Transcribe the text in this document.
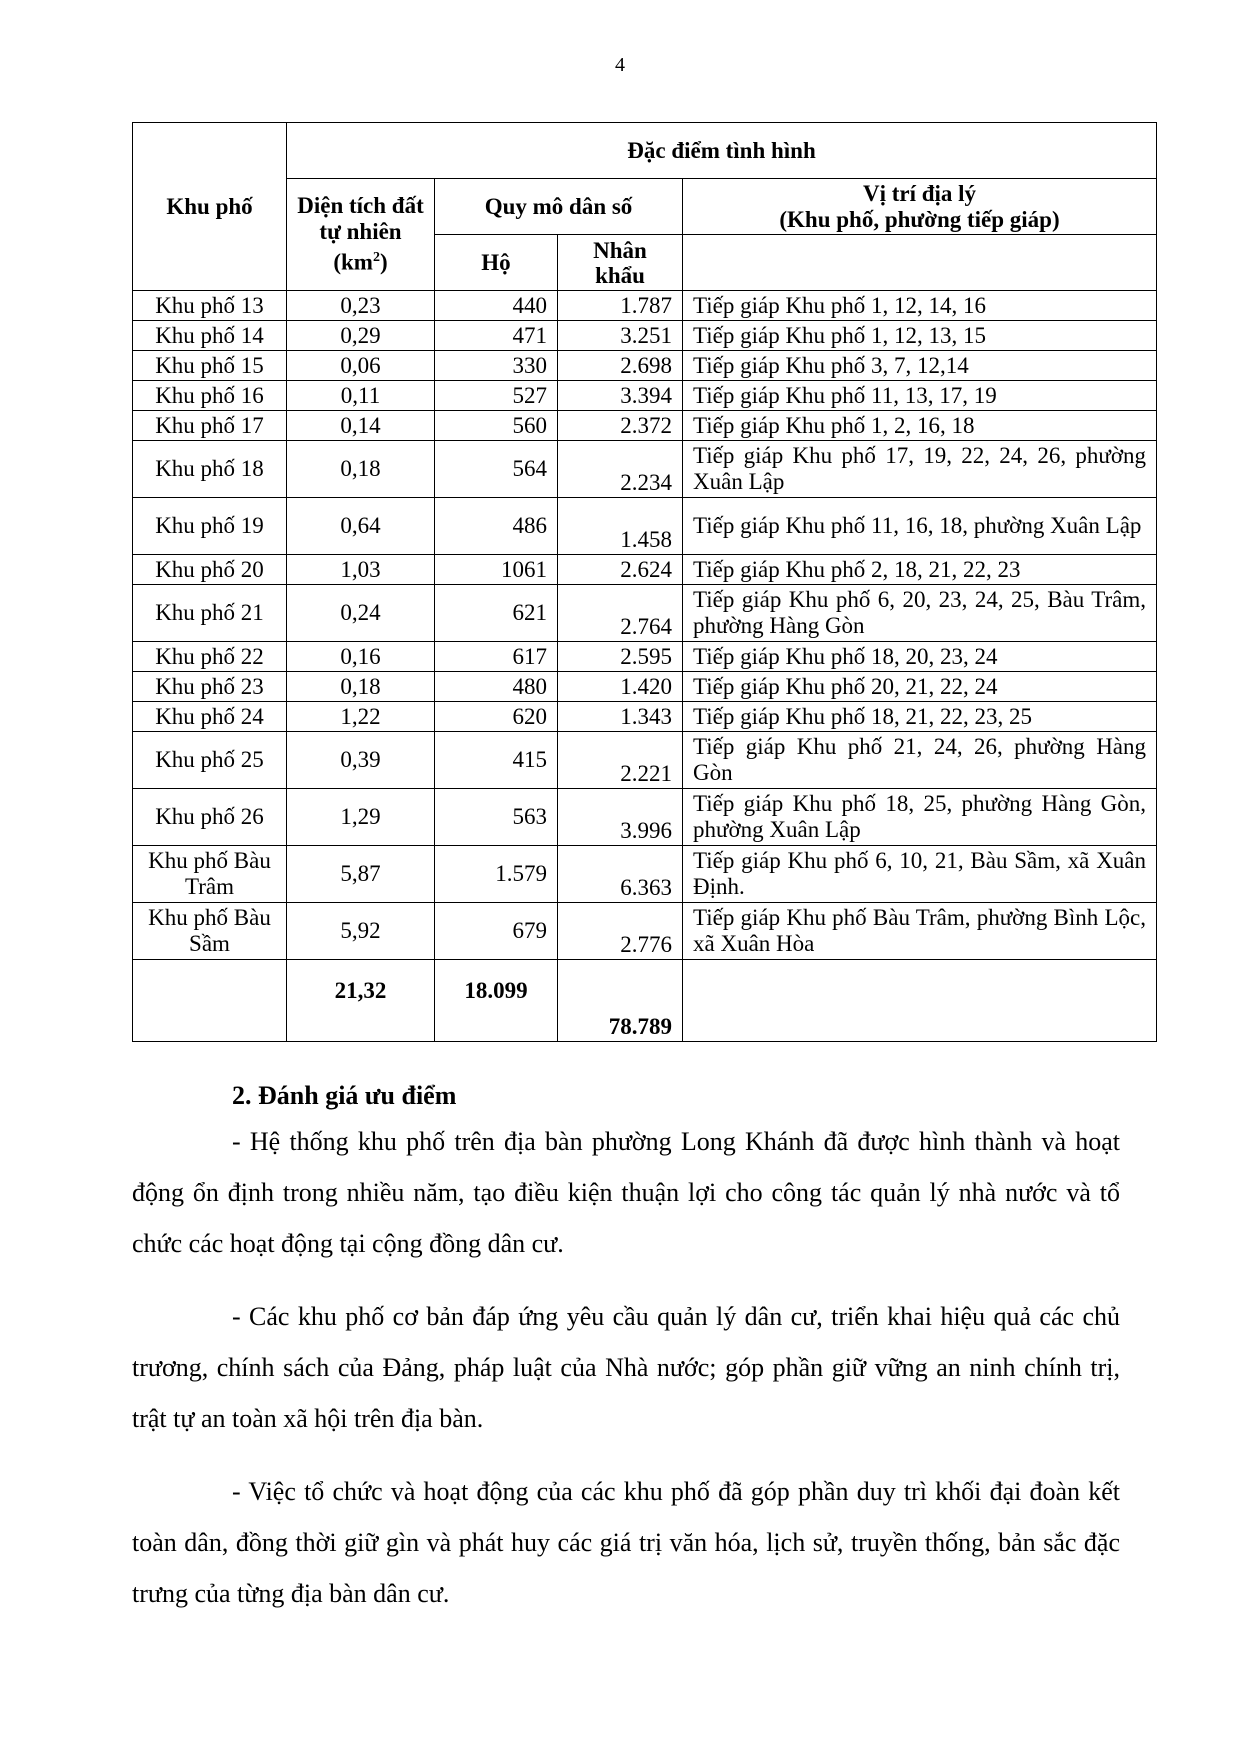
4
Khu phố	Đặc điểm tình hình			
	Diện tích đất tự nhiên $(km^2)$	Quy mô dân số		Vị trí địa lý
(Khu phố, phường tiếp giáp)

		Hộ	Nhân khẩu	
Khu phố 13	0,23	440	1.787	Tiếp giáp Khu phố 1, 12, 14, 16
Khu phố 14	0,29	471	3.251	Tiếp giáp Khu phố 1, 12, 13, 15
Khu phố 15	0,06	330	2.698	Tiếp giáp Khu phố 3, 7, 12,14
Khu phố 16	0,11	527	3.394	Tiếp giáp Khu phố 11, 13, 17, 19
Khu phố 17	0,14	560	2.372	Tiếp giáp Khu phố 1, 2, 16, 18
Khu phố 18	0,18	564	2.234	Tiếp giáp Khu phố 17, 19, 22, 24, 26, phường Xuân Lập
Khu phố 19	0,64	486	1.458	Tiếp giáp Khu phố 11, 16, 18, phường Xuân Lập
Khu phố 20	1,03	1061	2.624	Tiếp giáp Khu phố 2, 18, 21, 22, 23
Khu phố 21	0,24	621	2.764	Tiếp giáp Khu phố 6, 20, 23, 24, 25, Bàu Trâm, phường Hàng Gòn
Khu phố 22	0,16	617	2.595	Tiếp giáp Khu phố 18, 20, 23, 24
Khu phố 23	0,18	480	1.420	Tiếp giáp Khu phố 20, 21, 22, 24
Khu phố 24	1,22	620	1.343	Tiếp giáp Khu phố 18, 21, 22, 23, 25
Khu phố 25	0,39	415	2.221	Tiếp giáp Khu phố 21, 24, 26, phường Hàng Gòn
Khu phố 26	1,29	563	3.996	Tiếp giáp Khu phố 18, 25, phường Hàng Gòn, phường Xuân Lập
Khu phố Bàu Trâm	5,87	1.579	6.363	Tiếp giáp Khu phố 6, 10, 21, Bàu Sầm, xã Xuân Định.
Khu phố Bàu Sầm	5,92	679	2.776	Tiếp giáp Khu phố Bàu Trâm, phường Bình Lộc, xã Xuân Hòa
	21,32	18.099	78.789	
2. Đánh giá ưu điểm

- Hệ thống khu phố trên địa bàn phường Long Khánh đã được hình thành và hoạt động ổn định trong nhiều năm, tạo điều kiện thuận lợi cho công tác quản lý nhà nước và tổ chức các hoạt động tại cộng đồng dân cư.

- Các khu phố cơ bản đáp ứng yêu cầu quản lý dân cư, triển khai hiệu quả các chủ trương, chính sách của Đảng, pháp luật của Nhà nước; góp phần giữ vững an ninh chính trị, trật tự an toàn xã hội trên địa bàn.

- Việc tổ chức và hoạt động của các khu phố đã góp phần duy trì khối đại đoàn kết toàn dân, đồng thời giữ gìn và phát huy các giá trị văn hóa, lịch sử, truyền thống, bản sắc đặc trưng của từng địa bàn dân cư.
